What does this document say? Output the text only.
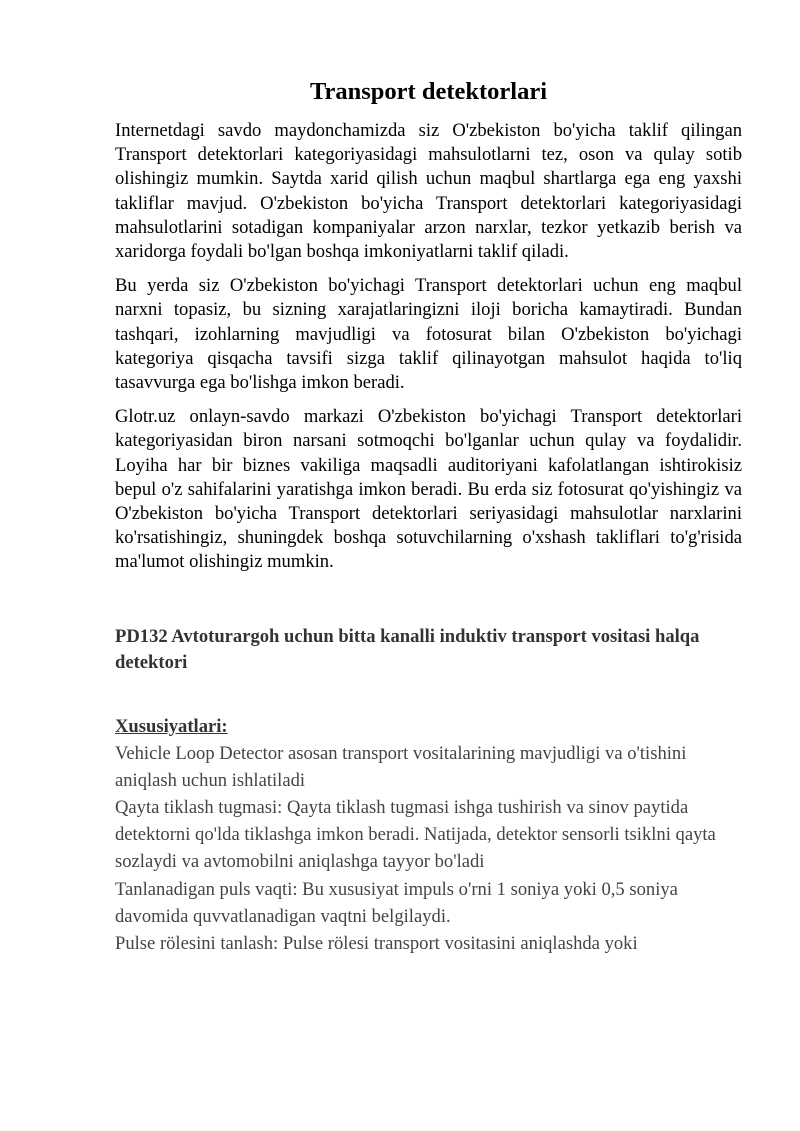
Transport detektorlari

Internetdagi savdo maydonchamizda siz O'zbekiston bo'yicha taklif qilingan Transport detektorlari kategoriyasidagi mahsulotlarni tez, oson va qulay sotib olishingiz mumkin. Saytda xarid qilish uchun maqbul shartlarga ega eng yaxshi takliflar mavjud. O'zbekiston bo'yicha Transport detektorlari kategoriyasidagi mahsulotlarini sotadigan kompaniyalar arzon narxlar, tezkor yetkazib berish va xaridorga foydali bo'lgan boshqa imkoniyatlarni taklif qiladi.

Bu yerda siz O'zbekiston bo'yichagi Transport detektorlari uchun eng maqbul narxni topasiz, bu sizning xarajatlaringizni iloji boricha kamaytiradi. Bundan tashqari, izohlarning mavjudligi va fotosurat bilan O'zbekiston bo'yichagi kategoriya qisqacha tavsifi sizga taklif qilinayotgan mahsulot haqida to'liq tasavvurga ega bo'lishga imkon beradi.

Glotr.uz onlayn-savdo markazi O'zbekiston bo'yichagi Transport detektorlari kategoriyasidan biron narsani sotmoqchi bo'lganlar uchun qulay va foydalidir. Loyiha har bir biznes vakiliga maqsadli auditoriyani kafolatlangan ishtirokisiz bepul o'z sahifalarini yaratishga imkon beradi. Bu erda siz fotosurat qo'yishingiz va O'zbekiston bo'yicha Transport detektorlari seriyasidagi mahsulotlar narxlarini ko'rsatishingiz, shuningdek boshqa sotuvchilarning o'xshash takliflari to'g'risida ma'lumot olishingiz mumkin.

PD132 Avtoturargoh uchun bitta kanalli induktiv transport vositasi halqa detektori
Xususiyatlari:

Vehicle Loop Detector asosan transport vositalarining mavjudligi va o'tishini aniqlash uchun ishlatiladi

Qayta tiklash tugmasi: Qayta tiklash tugmasi ishga tushirish va sinov paytida detektorni qo'lda tiklashga imkon beradi. Natijada, detektor sensorli tsiklni qayta sozlaydi va avtomobilni aniqlashga tayyor bo'ladi

Tanlanadigan puls vaqti: Bu xususiyat impuls o'rni 1 soniya yoki 0,5 soniya davomida quvvatlanadigan vaqtni belgilaydi.

Pulse rölesini tanlash: Pulse rölesi transport vositasini aniqlashda yoki
